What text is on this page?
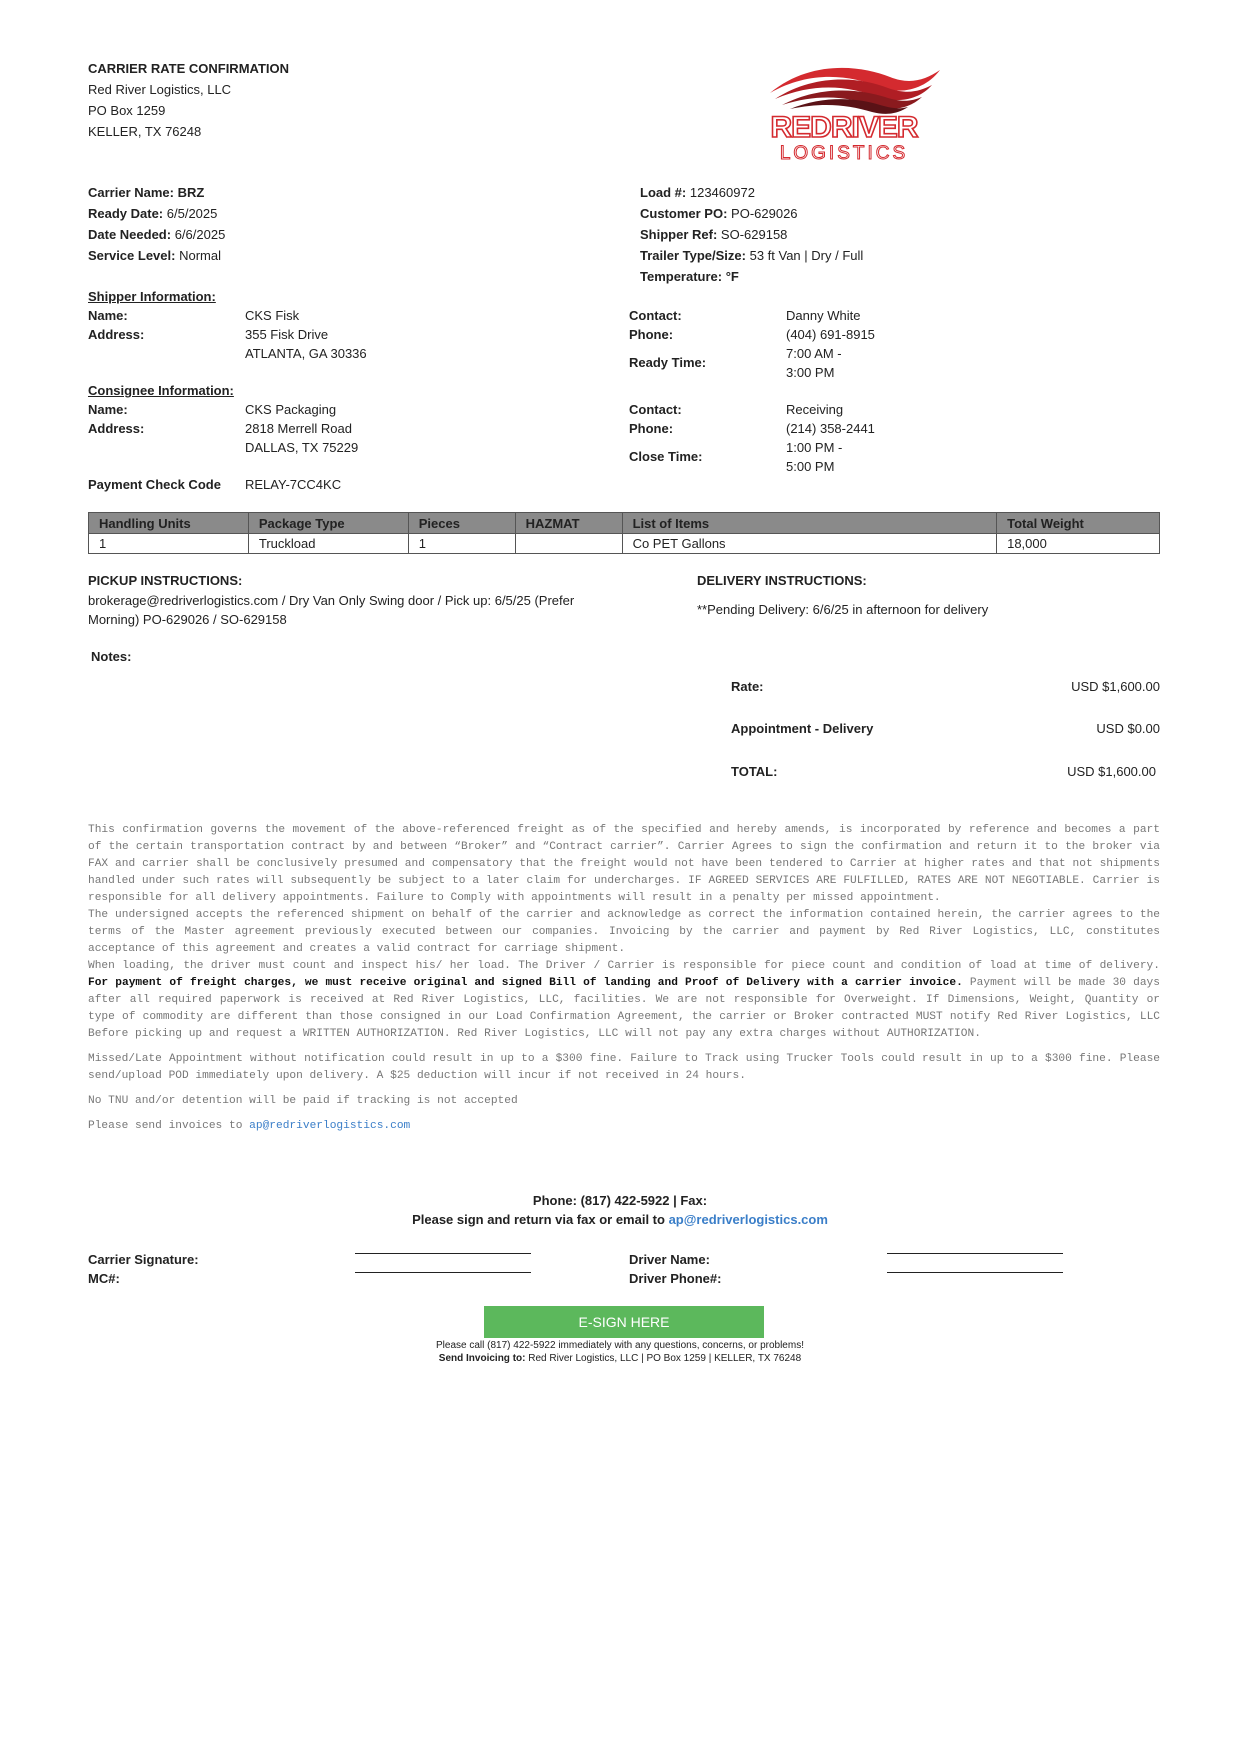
CARRIER RATE CONFIRMATION
Red River Logistics, LLC
PO Box 1259
KELLER, TX 76248	REDRIVER
LOGISTICS
Carrier Name: BRZ
Ready Date: 6/5/2025
Date Needed: 6/6/2025
Service Level: Normal
Load #: 123460972
Customer PO: PO-629026
Shipper Ref: SO-629158
Trailer Type/Size: 53 ft Van | Dry / Full
Temperature: °F
Shipper Information:
Name:	CKS Fisk
Address:	355 Fisk Drive
ATLANTA, GA 30336
Contact:	Danny White
Phone:	(404) 691-8915
Ready Time:
7:00 AM -
3:00 PM
Consignee Information:
Name:	CKS Packaging
Address:	2818 Merrell Road
DALLAS, TX 75229
Contact:	Receiving
Phone:	(214) 358-2441
Close Time:
1:00 PM -
5:00 PM
Payment Check Code RELAY-7CC4KC
Handling Units	Package Type	Pieces	HAZMAT	List of Items	Total Weight
1	Truckload	1		Co PET Gallons	18,000
PICKUP INSTRUCTIONS:
brokerage@redriverlogistics.com / Dry Van Only Swing door / Pick up: 6/5/25 (Prefer
Morning) PO-629026 / SO-629158
DELIVERY INSTRUCTIONS:
**Pending Delivery: 6/6/25 in afternoon for delivery
Notes:
Rate:	USD $1,600.00
Appointment - Delivery	USD $0.00
TOTAL:	USD $1,600.00

This confirmation governs the movement of the above-referenced freight as of the specified and hereby amends, is incorporated by reference and becomes a part of the certain transportation contract by and between “Broker” and “Contract carrier”. Carrier Agrees to sign the confirmation and return it to the broker via FAX and carrier shall be conclusively presumed and compensatory that the freight would not have been tendered to Carrier at higher rates and that not shipments handled under such rates will subsequently be subject to a later claim for undercharges. IF AGREED SERVICES ARE FULFILLED, RATES ARE NOT NEGOTIABLE. Carrier is responsible for all delivery appointments. Failure to Comply with appointments will result in a penalty per missed appointment.

The undersigned accepts the referenced shipment on behalf of the carrier and acknowledge as correct the information contained herein, the carrier agrees to the terms of the Master agreement previously executed between our companies. Invoicing by the carrier and payment by Red River Logistics, LLC, constitutes acceptance of this agreement and creates a valid contract for carriage shipment.

When loading, the driver must count and inspect his/ her load. The Driver / Carrier is responsible for piece count and condition of load at time of delivery. For payment of freight charges, we must receive original and signed Bill of landing and Proof of Delivery with a carrier invoice. Payment will be made 30 days after all required paperwork is received at Red River Logistics, LLC, facilities. We are not responsible for Overweight. If Dimensions, Weight, Quantity or type of commodity are different than those consigned in our Load Confirmation Agreement, the carrier or Broker contracted MUST notify Red River Logistics, LLC Before picking up and request a WRITTEN AUTHORIZATION. Red River Logistics, LLC will not pay any extra charges without AUTHORIZATION.

Missed/Late Appointment without notification could result in up to a $300 fine. Failure to Track using Trucker Tools could result in up to a $300 fine. Please send/upload POD immediately upon delivery. A $25 deduction will incur if not received in 24 hours.

No TNU and/or detention will be paid if tracking is not accepted

Please send invoices to ap@redriverlogistics.com

Phone: (817) 422-5922 | Fax:
Please sign and return via fax or email to ap@redriverlogistics.com
Carrier Signature:
MC#:
Driver Name:
Driver Phone#:
E-SIGN HERE
Please call (817) 422-5922 immediately with any questions, concerns, or problems!
Send Invoicing to: Red River Logistics, LLC | PO Box 1259 | KELLER, TX 76248
